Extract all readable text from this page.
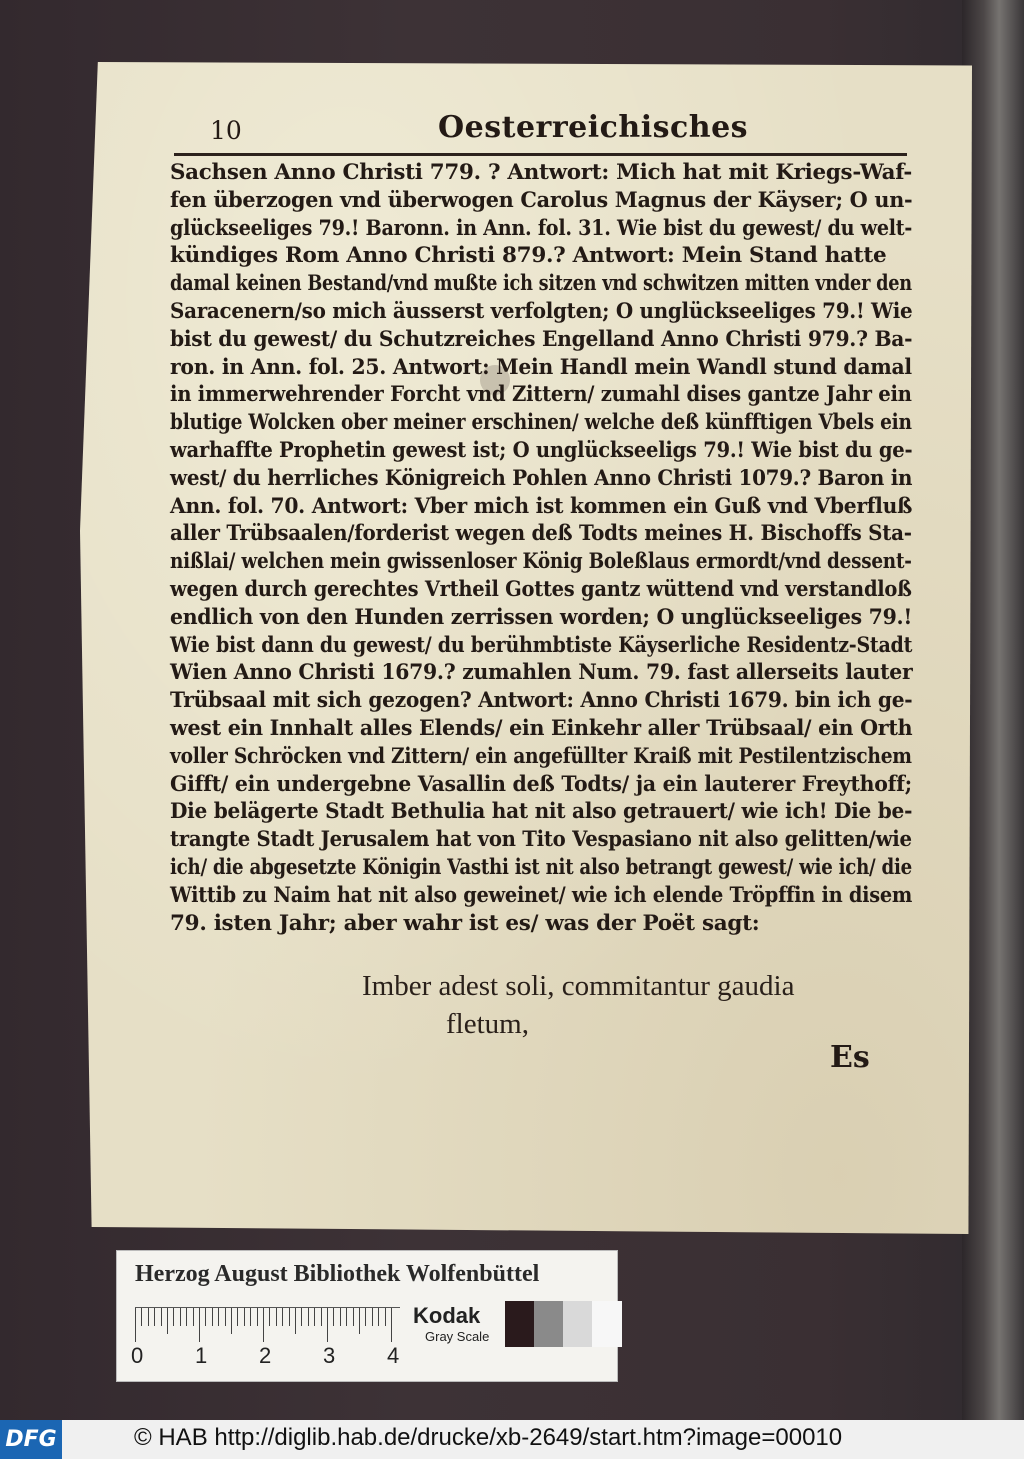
10	Oesterreichisches
Sachsen Anno Christi 779. ? Antwort: Mich hat mit Kriegs-Waf-
fen überzogen vnd überwogen Carolus Magnus der Käyser; O un-
glückseeliges 79.! Baronn. in Ann. fol. 31. Wie bist du gewest/ du welt-
kündiges Rom Anno Christi 879.? Antwort: Mein Stand hatte
damal keinen Bestand/vnd mußte ich sitzen vnd schwitzen mitten vnder den
Saracenern/so mich äusserst verfolgten; O unglückseeliges 79.! Wie
bist du gewest/ du Schutzreiches Engelland Anno Christi 979.? Ba-
ron. in Ann. fol. 25. Antwort: Mein Handl mein Wandl stund damal
in immerwehrender Forcht vnd Zittern/ zumahl dises gantze Jahr ein
blutige Wolcken ober meiner erschinen/ welche deß künfftigen Vbels ein
warhaffte Prophetin gewest ist; O unglückseeligs 79.! Wie bist du ge-
west/ du herrliches Königreich Pohlen Anno Christi 1079.? Baron in
Ann. fol. 70. Antwort: Vber mich ist kommen ein Guß vnd Vberfluß
aller Trübsaalen/forderist wegen deß Todts meines H. Bischoffs Sta-
nißlai/ welchen mein gwissenloser König Boleßlaus ermordt/vnd dessent-
wegen durch gerechtes Vrtheil Gottes gantz wüttend vnd verstandloß
endlich von den Hunden zerrissen worden; O unglückseeliges 79.!
Wie bist dann du gewest/ du berühmbtiste Käyserliche Residentz-Stadt
Wien Anno Christi 1679.? zumahlen Num. 79. fast allerseits lauter
Trübsaal mit sich gezogen? Antwort: Anno Christi 1679. bin ich ge-
west ein Innhalt alles Elends/ ein Einkehr aller Trübsaal/ ein Orth
voller Schröcken vnd Zittern/ ein angefüllter Kraiß mit Pestilentzischem
Gifft/ ein undergebne Vasallin deß Todts/ ja ein lauterer Freythoff;
Die belägerte Stadt Bethulia hat nit also getrauert/ wie ich! Die be-
trangte Stadt Jerusalem hat von Tito Vespasiano nit also gelitten/wie
ich/ die abgesetzte Königin Vasthi ist nit also betrangt gewest/ wie ich/ die
Wittib zu Naim hat nit also geweinet/ wie ich elende Tröpffin in disem
79. isten Jahr; aber wahr ist es/ was der Poët sagt:
Imber adest soli, commitantur gaudia
fletum,
Es
Herzog August Bibliothek Wolfenbüttel
Kodak
Gray Scale
0 1 2 3 4
DFG	© HAB http://diglib.hab.de/drucke/xb-2649/start.htm?image=00010
